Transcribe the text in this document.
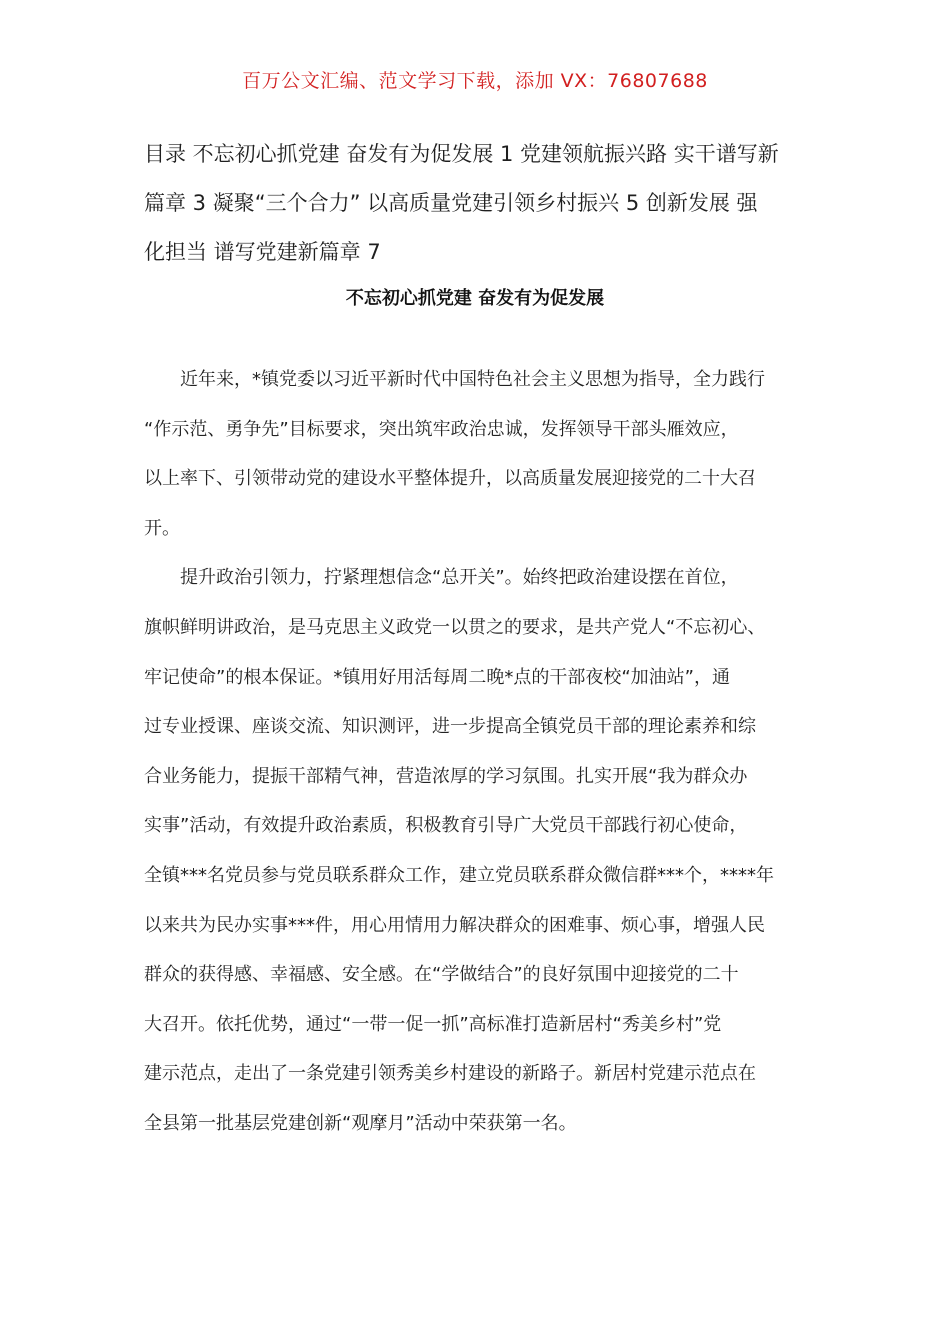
百万公文汇编、范文学习下载，添加 VX：76807688

目录 不忘初心抓党建 奋发有为促发展 1 党建领航振兴路 实干谱写新

篇章 3 凝聚“三个合力” 以高质量党建引领乡村振兴 5 创新发展 强

化担当 谱写党建新篇章 7

不忘初心抓党建 奋发有为促发展

　　近年来，*镇党委以习近平新时代中国特色社会主义思想为指导，全力践行

“作示范、勇争先”目标要求，突出筑牢政治忠诚，发挥领导干部头雁效应，

以上率下、引领带动党的建设水平整体提升，以高质量发展迎接党的二十大召

开。

　　提升政治引领力，拧紧理想信念“总开关”。始终把政治建设摆在首位，

旗帜鲜明讲政治，是马克思主义政党一以贯之的要求，是共产党人“不忘初心、

牢记使命”的根本保证。*镇用好用活每周二晚*点的干部夜校“加油站”，通

过专业授课、座谈交流、知识测评，进一步提高全镇党员干部的理论素养和综

合业务能力，提振干部精气神，营造浓厚的学习氛围。扎实开展“我为群众办

实事”活动，有效提升政治素质，积极教育引导广大党员干部践行初心使命，

全镇***名党员参与党员联系群众工作，建立党员联系群众微信群***个，****年

以来共为民办实事***件，用心用情用力解决群众的困难事、烦心事，增强人民

群众的获得感、幸福感、安全感。在“学做结合”的良好氛围中迎接党的二十

大召开。依托优势，通过“一带一促一抓”高标准打造新居村“秀美乡村”党

建示范点，走出了一条党建引领秀美乡村建设的新路子。新居村党建示范点在

全县第一批基层党建创新“观摩月”活动中荣获第一名。
